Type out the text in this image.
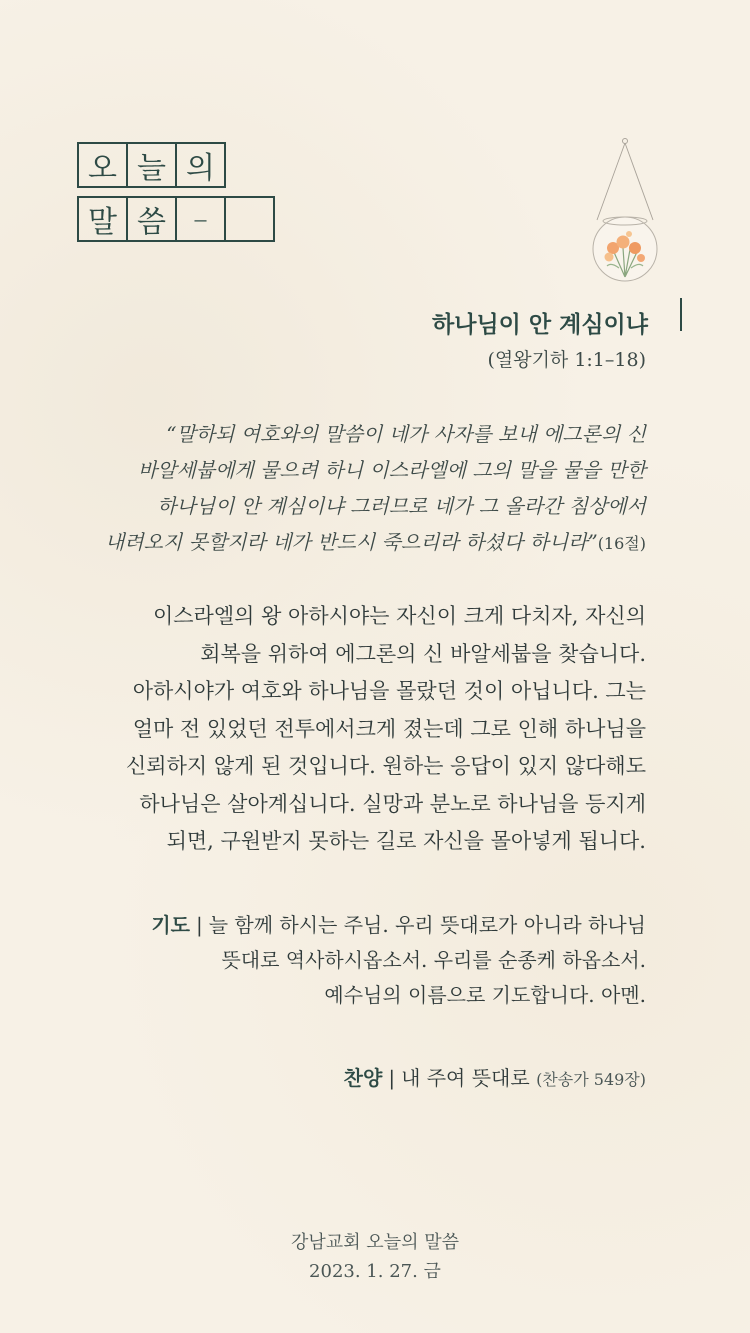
오 늘 의
말 씀 –
하나님이 안 계심이냐
(열왕기하 1:1–18)
“말하되 여호와의 말씀이 네가 사자를 보내 에그론의 신
바알세붑에게 물으려 하니 이스라엘에 그의 말을 물을 만한
하나님이 안 계심이냐 그러므로 네가 그 올라간 침상에서
내려오지 못할지라 네가 반드시 죽으리라 하셨다 하니라”(16절)
이스라엘의 왕 아하시야는 자신이 크게 다치자, 자신의
회복을 위하여 에그론의 신 바알세붑을 찾습니다.
아하시야가 여호와 하나님을 몰랐던 것이 아닙니다. 그는
얼마 전 있었던 전투에서크게 졌는데 그로 인해 하나님을
신뢰하지 않게 된 것입니다. 원하는 응답이 있지 않다해도
하나님은 살아계십니다. 실망과 분노로 하나님을 등지게
되면, 구원받지 못하는 길로 자신을 몰아넣게 됩니다.
기도 | 늘 함께 하시는 주님. 우리 뜻대로가 아니라 하나님
뜻대로 역사하시옵소서. 우리를 순종케 하옵소서.
예수님의 이름으로 기도합니다. 아멘.
찬양 | 내 주여 뜻대로 (찬송가 549장)
강남교회 오늘의 말씀
2023. 1. 27. 금
